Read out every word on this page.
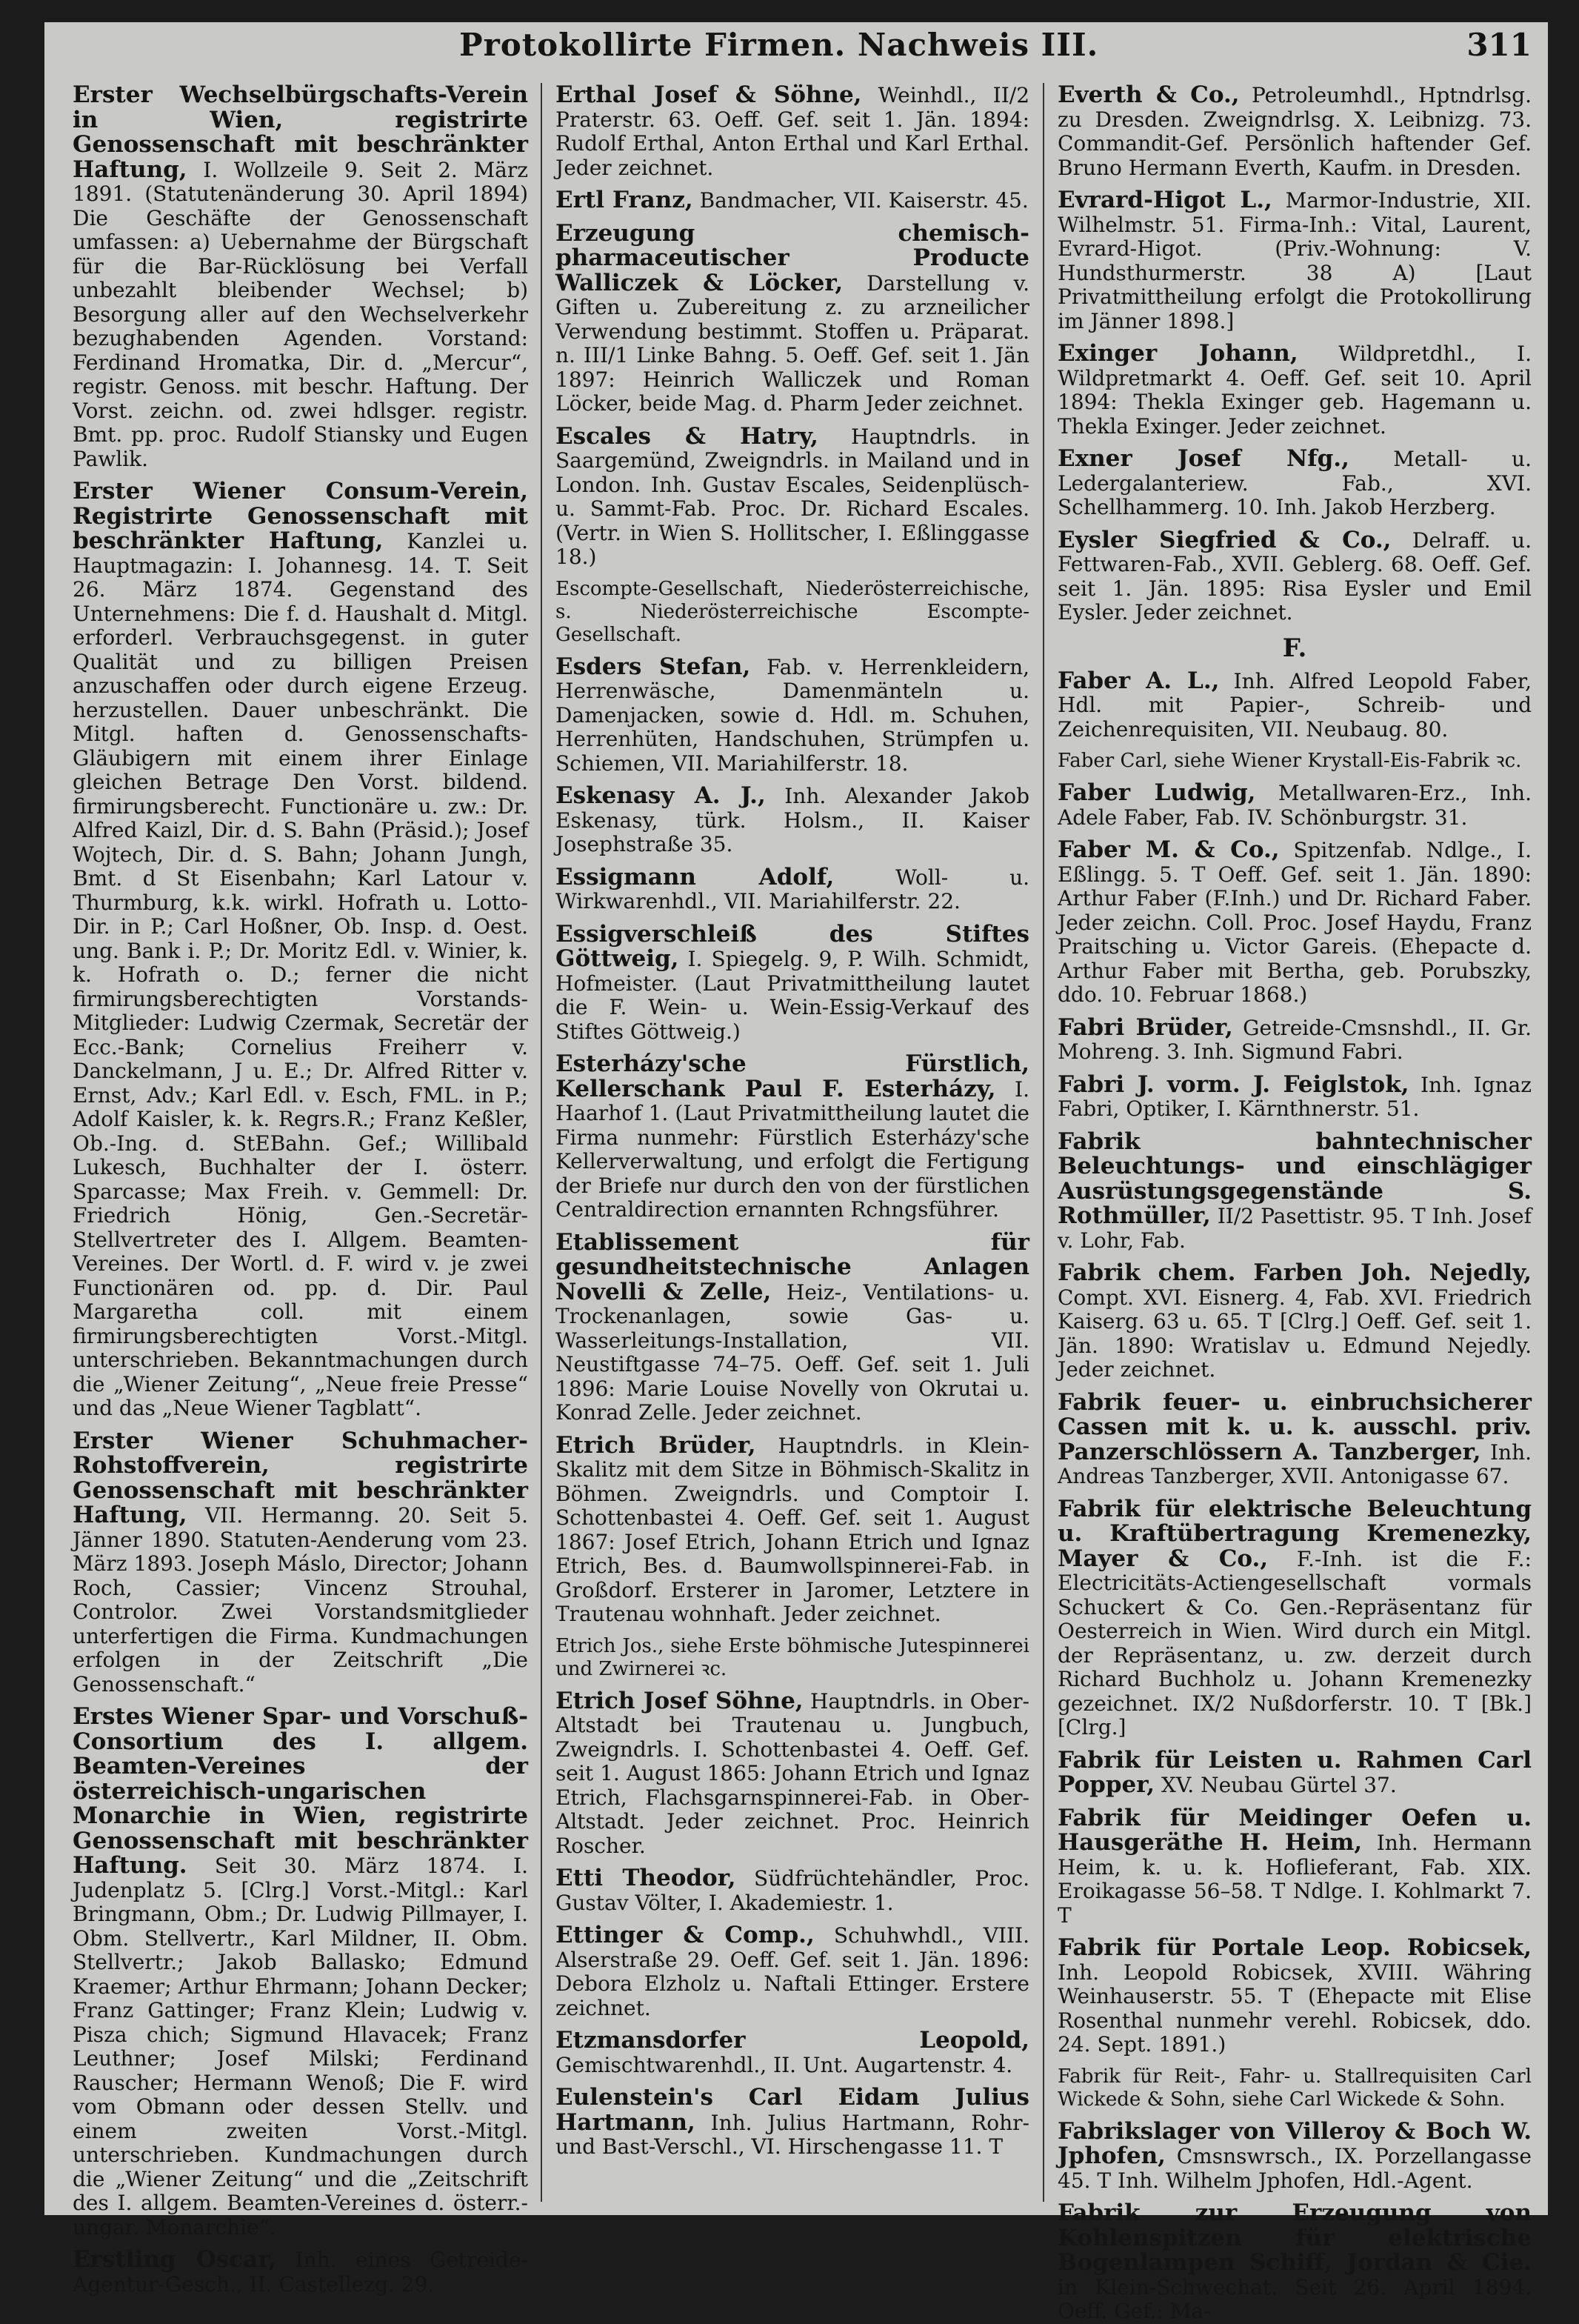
Protokollirte Firmen. Nachweis III.	311
Erster Wechselbürgschafts-Verein in Wien, registrirte Genossenschaft mit beschränkter Haftung, I. Wollzeile 9. Seit 2. März 1891. (Statutenänderung 30. April 1894) Die Geschäfte der Genossenschaft umfassen: a) Uebernahme der Bürgschaft für die Bar-Rücklösung bei Verfall unbezahlt bleibender Wechsel; b) Besorgung aller auf den Wechselverkehr bezughabenden Agenden. Vorstand: Ferdinand Hromatka, Dir. d. „Mercur“, registr. Genoss. mit beschr. Haftung. Der Vorst. zeichn. od. zwei hdlsger. registr. Bmt. pp. proc. Rudolf Stiansky und Eugen Pawlik.
Erster Wiener Consum-Verein, Registrirte Genossenschaft mit beschränkter Haftung, Kanzlei u. Hauptmagazin: I. Johannesg. 14. T. Seit 26. März 1874. Gegenstand des Unternehmens: Die f. d. Haushalt d. Mitgl. erforderl. Verbrauchsgegenst. in guter Qualität und zu billigen Preisen anzuschaffen oder durch eigene Erzeug. herzustellen. Dauer unbeschränkt. Die Mitgl. haften d. Genossenschafts-Gläubigern mit einem ihrer Einlage gleichen Betrage Den Vorst. bildend. firmirungsberecht. Functionäre u. zw.: Dr. Alfred Kaizl, Dir. d. S. Bahn (Präsid.); Josef Wojtech, Dir. d. S. Bahn; Johann Jungh, Bmt. d St Eisenbahn; Karl Latour v. Thurmburg, k.k. wirkl. Hofrath u. Lotto-Dir. in P.; Carl Hoßner, Ob. Insp. d. Oest. ung. Bank i. P.; Dr. Moritz Edl. v. Winier, k. k. Hofrath o. D.; ferner die nicht firmirungsberechtigten Vorstands-Mitglieder: Ludwig Czermak, Secretär der Ecc.-Bank; Cornelius Freiherr v. Danckelmann, J u. E.; Dr. Alfred Ritter v. Ernst, Adv.; Karl Edl. v. Esch, FML. in P.; Adolf Kaisler, k. k. Regrs.R.; Franz Keßler, Ob.-Ing. d. StEBahn. Gef.; Willibald Lukesch, Buchhalter der I. österr. Sparcasse; Max Freih. v. Gemmell: Dr. Friedrich Hönig, Gen.-Secretär-Stellvertreter des I. Allgem. Beamten-Vereines. Der Wortl. d. F. wird v. je zwei Functionären od. pp. d. Dir. Paul Margaretha coll. mit einem firmirungsberechtigten Vorst.-Mitgl. unterschrieben. Bekanntmachungen durch die „Wiener Zeitung“, „Neue freie Presse“ und das „Neue Wiener Tagblatt“.
Erster Wiener Schuhmacher-Rohstoffverein, registrirte Genossenschaft mit beschränkter Haftung, VII. Hermanng. 20. Seit 5. Jänner 1890. Statuten-Aenderung vom 23. März 1893. Joseph Máslo, Director; Johann Roch, Cassier; Vincenz Strouhal, Controlor. Zwei Vorstandsmitglieder unterfertigen die Firma. Kundmachungen erfolgen in der Zeitschrift „Die Genossenschaft.“
Erstes Wiener Spar- und Vorschuß-Consortium des I. allgem. Beamten-Vereines der österreichisch-ungarischen Monarchie in Wien, registrirte Genossenschaft mit beschränkter Haftung. Seit 30. März 1874. I. Judenplatz 5. [Clrg.] Vorst.-Mitgl.: Karl Bringmann, Obm.; Dr. Ludwig Pillmayer, I. Obm. Stellvertr., Karl Mildner, II. Obm. Stellvertr.; Jakob Ballasko; Edmund Kraemer; Arthur Ehrmann; Johann Decker; Franz Gattinger; Franz Klein; Ludwig v. Pisza chich; Sigmund Hlavacek; Franz Leuthner; Josef Milski; Ferdinand Rauscher; Hermann Wenoß; Die F. wird vom Obmann oder dessen Stellv. und einem zweiten Vorst.-Mitgl. unterschrieben. Kundmachungen durch die „Wiener Zeitung“ und die „Zeitschrift des I. allgem. Beamten-Vereines d. österr.-ungar. Monarchie“.
Erstling Oscar, Inh. eines Getreide-Agentur-Gesch., II. Castellezg. 29.
Erthal Josef & Söhne, Weinhdl., II/2 Praterstr. 63. Oeff. Gef. seit 1. Jän. 1894: Rudolf Erthal, Anton Erthal und Karl Erthal. Jeder zeichnet.
Ertl Franz, Bandmacher, VII. Kaiserstr. 45.
Erzeugung chemisch-pharmaceutischer Producte Walliczek & Löcker, Darstellung v. Giften u. Zubereitung z. zu arzneilicher Verwendung bestimmt. Stoffen u. Präparat. n. III/1 Linke Bahng. 5. Oeff. Gef. seit 1. Jän 1897: Heinrich Walliczek und Roman Löcker, beide Mag. d. Pharm Jeder zeichnet.
Escales & Hatry, Hauptndrls. in Saargemünd, Zweigndrls. in Mailand und in London. Inh. Gustav Escales, Seidenplüsch-u. Sammt-Fab. Proc. Dr. Richard Escales. (Vertr. in Wien S. Hollitscher, I. Eßlinggasse 18.)
Escompte-Gesellschaft, Niederösterreichische, s. Niederösterreichische Escompte-Gesellschaft.
Esders Stefan, Fab. v. Herrenkleidern, Herrenwäsche, Damenmänteln u. Damenjacken, sowie d. Hdl. m. Schuhen, Herrenhüten, Handschuhen, Strümpfen u. Schiemen, VII. Mariahilferstr. 18.
Eskenasy A. J., Inh. Alexander Jakob Eskenasy, türk. Holsm., II. Kaiser Josephstraße 35.
Essigmann Adolf, Woll- u. Wirkwarenhdl., VII. Mariahilferstr. 22.
Essigverschleiß des Stiftes Göttweig, I. Spiegelg. 9, P. Wilh. Schmidt, Hofmeister. (Laut Privatmittheilung lautet die F. Wein- u. Wein-Essig-Verkauf des Stiftes Göttweig.)
Esterházy'sche Fürstlich, Kellerschank Paul F. Esterházy, I. Haarhof 1. (Laut Privatmittheilung lautet die Firma nunmehr: Fürstlich Esterházy'sche Kellerverwaltung, und erfolgt die Fertigung der Briefe nur durch den von der fürstlichen Centraldirection ernannten Rchngsführer.
Etablissement für gesundheitstechnische Anlagen Novelli & Zelle, Heiz-, Ventilations- u. Trockenanlagen, sowie Gas- u. Wasserleitungs-Installation, VII. Neustiftgasse 74–75. Oeff. Gef. seit 1. Juli 1896: Marie Louise Novelly von Okrutai u. Konrad Zelle. Jeder zeichnet.
Etrich Brüder, Hauptndrls. in Klein-Skalitz mit dem Sitze in Böhmisch-Skalitz in Böhmen. Zweigndrls. und Comptoir I. Schottenbastei 4. Oeff. Gef. seit 1. August 1867: Josef Etrich, Johann Etrich und Ignaz Etrich, Bes. d. Baumwollspinnerei-Fab. in Großdorf. Ersterer in Jaromer, Letztere in Trautenau wohnhaft. Jeder zeichnet.
Etrich Jos., siehe Erste böhmische Jutespinnerei und Zwirnerei ꝛc.
Etrich Josef Söhne, Hauptndrls. in Ober-Altstadt bei Trautenau u. Jungbuch, Zweigndrls. I. Schottenbastei 4. Oeff. Gef. seit 1. August 1865: Johann Etrich und Ignaz Etrich, Flachsgarnspinnerei-Fab. in Ober-Altstadt. Jeder zeichnet. Proc. Heinrich Roscher.
Etti Theodor, Südfrüchtehändler, Proc. Gustav Völter, I. Akademiestr. 1.
Ettinger & Comp., Schuhwhdl., VIII. Alserstraße 29. Oeff. Gef. seit 1. Jän. 1896: Debora Elzholz u. Naftali Ettinger. Erstere zeichnet.
Etzmansdorfer Leopold, Gemischtwarenhdl., II. Unt. Augartenstr. 4.
Eulenstein's Carl Eidam Julius Hartmann, Inh. Julius Hartmann, Rohr- und Bast-Verschl., VI. Hirschengasse 11. T
Everth & Co., Petroleumhdl., Hptndrlsg. zu Dresden. Zweigndrlsg. X. Leibnizg. 73. Commandit-Gef. Persönlich haftender Gef. Bruno Hermann Everth, Kaufm. in Dresden.
Evrard-Higot L., Marmor-Industrie, XII. Wilhelmstr. 51. Firma-Inh.: Vital, Laurent, Evrard-Higot. (Priv.-Wohnung: V. Hundsthurmerstr. 38 A) [Laut Privatmittheilung erfolgt die Protokollirung im Jänner 1898.]
Exinger Johann, Wildpretdhl., I. Wildpretmarkt 4. Oeff. Gef. seit 10. April 1894: Thekla Exinger geb. Hagemann u. Thekla Exinger. Jeder zeichnet.
Exner Josef Nfg., Metall- u. Ledergalanteriew. Fab., XVI. Schellhammerg. 10. Inh. Jakob Herzberg.
Eysler Siegfried & Co., Delraff. u. Fettwaren-Fab., XVII. Geblerg. 68. Oeff. Gef. seit 1. Jän. 1895: Risa Eysler und Emil Eysler. Jeder zeichnet.
F.
Faber A. L., Inh. Alfred Leopold Faber, Hdl. mit Papier-, Schreib- und Zeichenrequisiten, VII. Neubaug. 80.
Faber Carl, siehe Wiener Krystall-Eis-Fabrik ꝛc.
Faber Ludwig, Metallwaren-Erz., Inh. Adele Faber, Fab. IV. Schönburgstr. 31.
Faber M. & Co., Spitzenfab. Ndlge., I. Eßlingg. 5. T Oeff. Gef. seit 1. Jän. 1890: Arthur Faber (F.Inh.) und Dr. Richard Faber. Jeder zeichn. Coll. Proc. Josef Haydu, Franz Praitsching u. Victor Gareis. (Ehepacte d. Arthur Faber mit Bertha, geb. Porubszky, ddo. 10. Februar 1868.)
Fabri Brüder, Getreide-Cmsnshdl., II. Gr. Mohreng. 3. Inh. Sigmund Fabri.
Fabri J. vorm. J. Feiglstok, Inh. Ignaz Fabri, Optiker, I. Kärnthnerstr. 51.
Fabrik bahntechnischer Beleuchtungs- und einschlägiger Ausrüstungsgegenstände S. Rothmüller, II/2 Pasettistr. 95. T Inh. Josef v. Lohr, Fab.
Fabrik chem. Farben Joh. Nejedly, Compt. XVI. Eisnerg. 4, Fab. XVI. Friedrich Kaiserg. 63 u. 65. T [Clrg.] Oeff. Gef. seit 1. Jän. 1890: Wratislav u. Edmund Nejedly. Jeder zeichnet.
Fabrik feuer- u. einbruchsicherer Cassen mit k. u. k. ausschl. priv. Panzerschlössern A. Tanzberger, Inh. Andreas Tanzberger, XVII. Antonigasse 67.
Fabrik für elektrische Beleuchtung u. Kraftübertragung Kremenezky, Mayer & Co., F.-Inh. ist die F.: Electricitäts-Actiengesellschaft vormals Schuckert & Co. Gen.-Repräsentanz für Oesterreich in Wien. Wird durch ein Mitgl. der Repräsentanz, u. zw. derzeit durch Richard Buchholz u. Johann Kremenezky gezeichnet. IX/2 Nußdorferstr. 10. T [Bk.] [Clrg.]
Fabrik für Leisten u. Rahmen Carl Popper, XV. Neubau Gürtel 37.
Fabrik für Meidinger Oefen u. Hausgeräthe H. Heim, Inh. Hermann Heim, k. u. k. Hoflieferant, Fab. XIX. Eroikagasse 56–58. T Ndlge. I. Kohlmarkt 7. T
Fabrik für Portale Leop. Robicsek, Inh. Leopold Robicsek, XVIII. Währing Weinhauserstr. 55. T (Ehepacte mit Elise Rosenthal nunmehr verehl. Robicsek, ddo. 24. Sept. 1891.)
Fabrik für Reit-, Fahr- u. Stallrequisiten Carl Wickede & Sohn, siehe Carl Wickede & Sohn.
Fabrikslager von Villeroy & Boch W. Jphofen, Cmsnswrsch., IX. Porzellangasse 45. T Inh. Wilhelm Jphofen, Hdl.-Agent.
Fabrik zur Erzeugung von Kohlenspitzen für elektrische Bogenlampen Schiff, Jordan & Cie. in Klein-Schwechat. Seit 26. April 1894. Oeff. Gef.: Ma-
